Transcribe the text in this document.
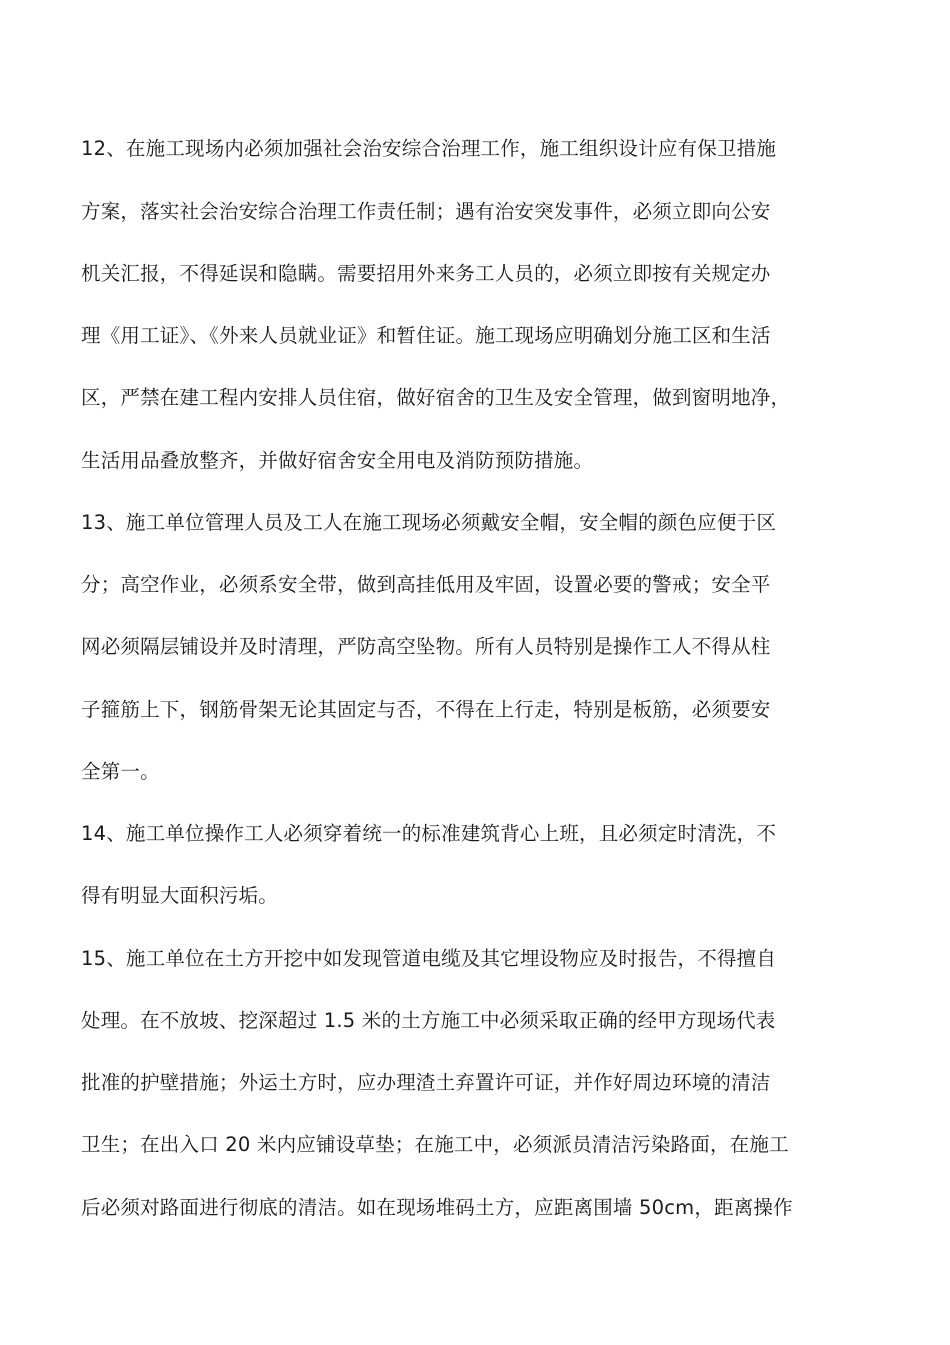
12、在施工现场内必须加强社会治安综合治理工作，施工组织设计应有保卫措施
方案，落实社会治安综合治理工作责任制；遇有治安突发事件，必须立即向公安
机关汇报，不得延误和隐瞒。需要招用外来务工人员的，必须立即按有关规定办
理《用工证》、《外来人员就业证》和暂住证。施工现场应明确划分施工区和生活
区，严禁在建工程内安排人员住宿，做好宿舍的卫生及安全管理，做到窗明地净，
生活用品叠放整齐，并做好宿舍安全用电及消防预防措施。
13、施工单位管理人员及工人在施工现场必须戴安全帽，安全帽的颜色应便于区
分；高空作业，必须系安全带，做到高挂低用及牢固，设置必要的警戒；安全平
网必须隔层铺设并及时清理，严防高空坠物。所有人员特别是操作工人不得从柱
子箍筋上下，钢筋骨架无论其固定与否，不得在上行走，特别是板筋，必须要安
全第一。
14、施工单位操作工人必须穿着统一的标准建筑背心上班，且必须定时清洗，不
得有明显大面积污垢。
15、施工单位在土方开挖中如发现管道电缆及其它埋设物应及时报告，不得擅自
处理。在不放坡、挖深超过 1.5 米的土方施工中必须采取正确的经甲方现场代表
批准的护壁措施；外运土方时，应办理渣土弃置许可证，并作好周边环境的清洁
卫生；在出入口 20 米内应铺设草垫；在施工中，必须派员清洁污染路面，在施工
后必须对路面进行彻底的清洁。如在现场堆码土方，应距离围墙 50cm，距离操作
